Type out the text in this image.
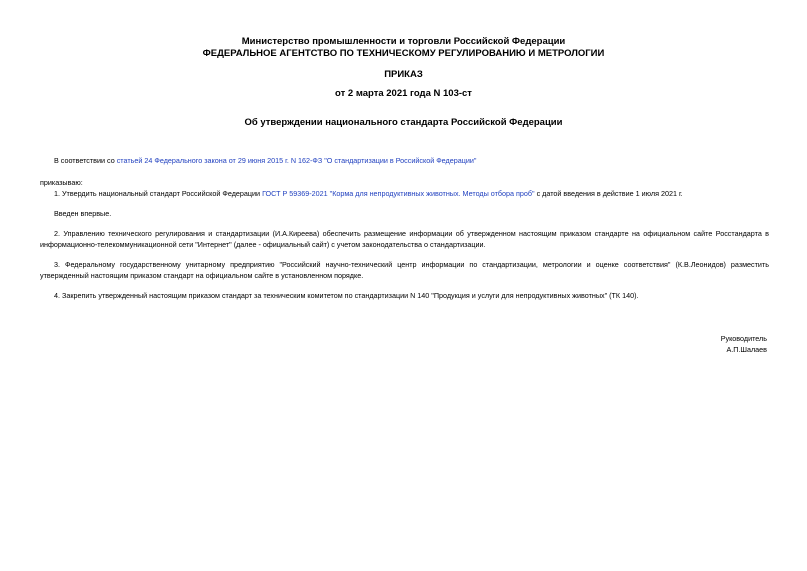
Министерство промышленности и торговли Российской Федерации
ФЕДЕРАЛЬНОЕ АГЕНТСТВО ПО ТЕХНИЧЕСКОМУ РЕГУЛИРОВАНИЮ И МЕТРОЛОГИИ
ПРИКАЗ
от 2 марта 2021 года N 103-ст
Об утверждении национального стандарта Российской Федерации
В соответствии со статьей 24 Федерального закона от 29 июня 2015 г. N 162-ФЗ "О стандартизации в Российской Федерации"
приказываю:
1. Утвердить национальный стандарт Российской Федерации ГОСТ Р 59369-2021 "Корма для непродуктивных животных. Методы отбора проб" с датой введения в действие 1 июля 2021 г.
Введен впервые.
2. Управлению технического регулирования и стандартизации (И.А.Киреева) обеспечить размещение информации об утвержденном настоящим приказом стандарте на официальном сайте Росстандарта в информационно-телекоммуникационной сети "Интернет" (далее - официальный сайт) с учетом законодательства о стандартизации.
3. Федеральному государственному унитарному предприятию "Российский научно-технический центр информации по стандартизации, метрологии и оценке соответствия" (К.В.Леонидов) разместить утвержденный настоящим приказом стандарт на официальном сайте в установленном порядке.
4. Закрепить утвержденный настоящим приказом стандарт за техническим комитетом по стандартизации N 140 "Продукция и услуги для непродуктивных животных" (ТК 140).
Руководитель
А.П.Шалаев
